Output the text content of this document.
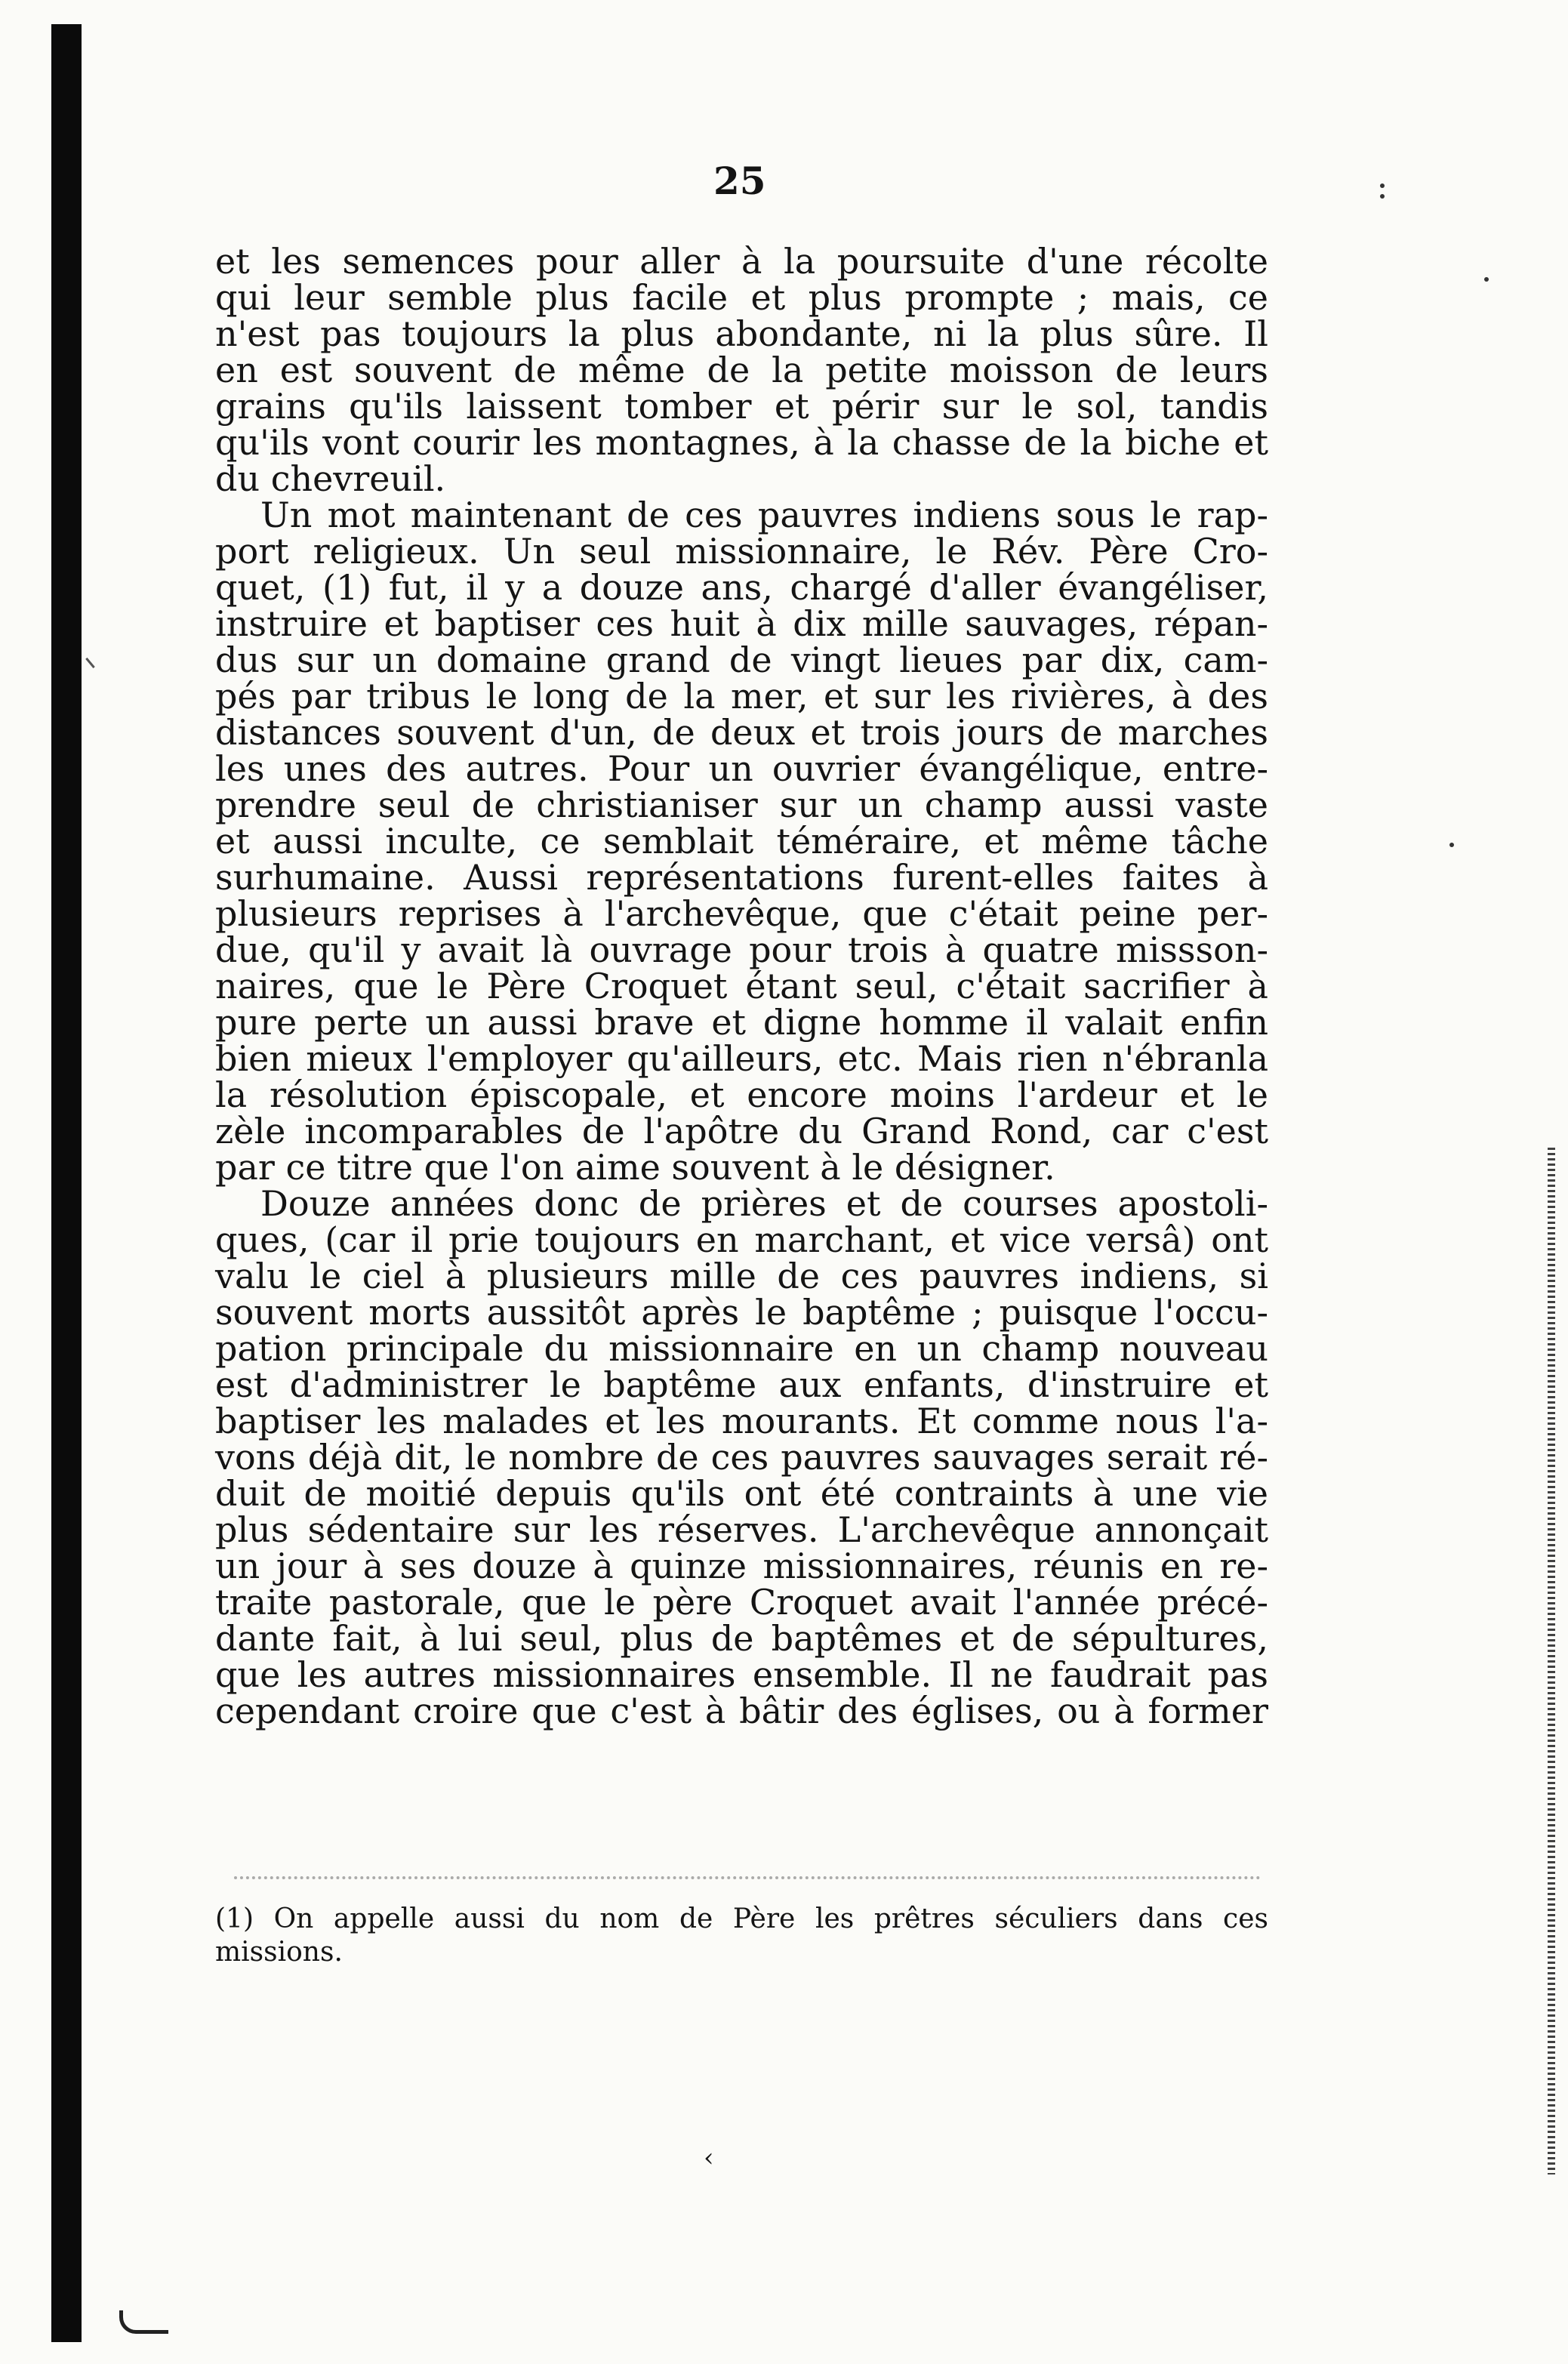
25
et les semences pour aller à la poursuite d'une récolte
qui leur semble plus facile et plus prompte ; mais, ce
n'est pas toujours la plus abondante, ni la plus sûre. Il
en est souvent de même de la petite moisson de leurs
grains qu'ils laissent tomber et périr sur le sol, tandis
qu'ils vont courir les montagnes, à la chasse de la biche et
du chevreuil.
Un mot maintenant de ces pauvres indiens sous le rap-
port religieux. Un seul missionnaire, le Rév. Père Cro-
quet, (1) fut, il y a douze ans, chargé d'aller évangéliser,
instruire et baptiser ces huit à dix mille sauvages, répan-
dus sur un domaine grand de vingt lieues par dix, cam-
pés par tribus le long de la mer, et sur les rivières, à des
distances souvent d'un, de deux et trois jours de marches
les unes des autres. Pour un ouvrier évangélique, entre-
prendre seul de christianiser sur un champ aussi vaste
et aussi inculte, ce semblait téméraire, et même tâche
surhumaine. Aussi représentations furent-elles faites à
plusieurs reprises à l'archevêque, que c'était peine per-
due, qu'il y avait là ouvrage pour trois à quatre missson-
naires, que le Père Croquet étant seul, c'était sacrifier à
pure perte un aussi brave et digne homme il valait enfin
bien mieux l'employer qu'ailleurs, etc. Mais rien n'ébranla
la résolution épiscopale, et encore moins l'ardeur et le
zèle incomparables de l'apôtre du Grand Rond, car c'est
par ce titre que l'on aime souvent à le désigner.
Douze années donc de prières et de courses apostoli-
ques, (car il prie toujours en marchant, et vice versâ) ont
valu le ciel à plusieurs mille de ces pauvres indiens, si
souvent morts aussitôt après le baptême ; puisque l'occu-
pation principale du missionnaire en un champ nouveau
est d'administrer le baptême aux enfants, d'instruire et
baptiser les malades et les mourants. Et comme nous l'a-
vons déjà dit, le nombre de ces pauvres sauvages serait ré-
duit de moitié depuis qu'ils ont été contraints à une vie
plus sédentaire sur les réserves. L'archevêque annonçait
un jour à ses douze à quinze missionnaires, réunis en re-
traite pastorale, que le père Croquet avait l'année précé-
dante fait, à lui seul, plus de baptêmes et de sépultures,
que les autres missionnaires ensemble. Il ne faudrait pas
cependant croire que c'est à bâtir des églises, ou à former
(1) On appelle aussi du nom de Père les prêtres séculiers dans ces
missions.
‹
